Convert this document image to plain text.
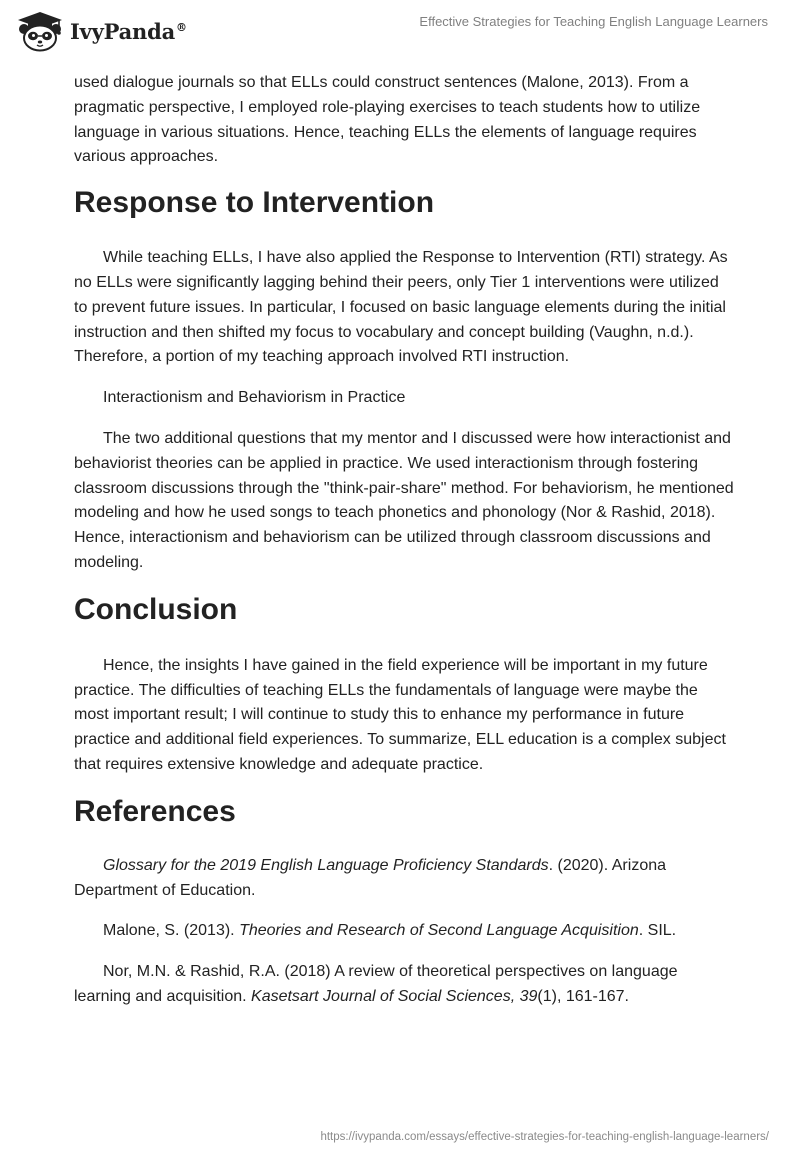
IvyPanda®	Effective Strategies for Teaching English Language Learners

used dialogue journals so that ELLs could construct sentences (Malone, 2013). From a pragmatic perspective, I employed role-playing exercises to teach students how to utilize language in various situations. Hence, teaching ELLs the elements of language requires various approaches.

Response to Intervention

While teaching ELLs, I have also applied the Response to Intervention (RTI) strategy. As no ELLs were significantly lagging behind their peers, only Tier 1 interventions were utilized to prevent future issues. In particular, I focused on basic language elements during the initial instruction and then shifted my focus to vocabulary and concept building (Vaughn, n.d.). Therefore, a portion of my teaching approach involved RTI instruction.

Interactionism and Behaviorism in Practice

The two additional questions that my mentor and I discussed were how interactionist and behaviorist theories can be applied in practice. We used interactionism through fostering classroom discussions through the "think-pair-share" method. For behaviorism, he mentioned modeling and how he used songs to teach phonetics and phonology (Nor & Rashid, 2018). Hence, interactionism and behaviorism can be utilized through classroom discussions and modeling.

Conclusion

Hence, the insights I have gained in the field experience will be important in my future practice. The difficulties of teaching ELLs the fundamentals of language were maybe the most important result; I will continue to study this to enhance my performance in future practice and additional field experiences. To summarize, ELL education is a complex subject that requires extensive knowledge and adequate practice.

References

Glossary for the 2019 English Language Proficiency Standards. (2020). Arizona Department of Education.

Malone, S. (2013). Theories and Research of Second Language Acquisition. SIL.

Nor, M.N. & Rashid, R.A. (2018) A review of theoretical perspectives on language learning and acquisition. Kasetsart Journal of Social Sciences, 39(1), 161-167.

https://ivypanda.com/essays/effective-strategies-for-teaching-english-language-learners/
